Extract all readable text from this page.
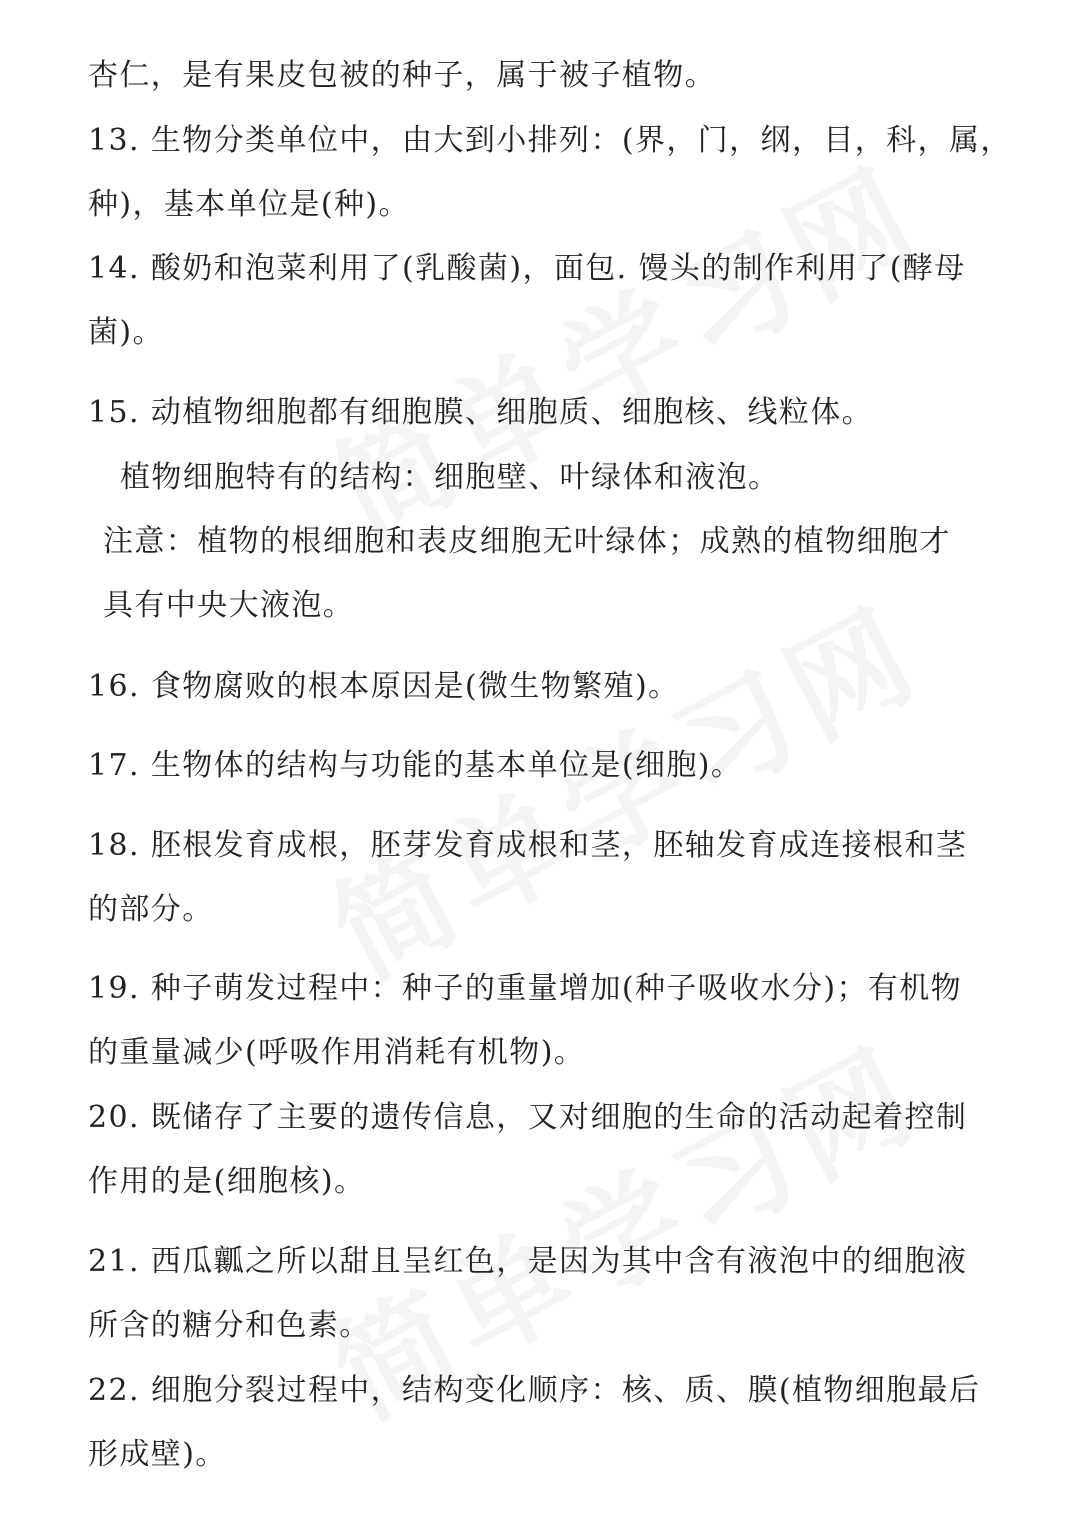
杏仁，是有果皮包被的种子，属于被子植物。
13. 生物分类单位中，由大到小排列：(界，门，纲，目，科，属，
种)，基本单位是(种)。
14. 酸奶和泡菜利用了(乳酸菌)，面包. 馒头的制作利用了(酵母
菌)。
15. 动植物细胞都有细胞膜、细胞质、细胞核、线粒体。
植物细胞特有的结构：细胞壁、叶绿体和液泡。
注意：植物的根细胞和表皮细胞无叶绿体；成熟的植物细胞才
具有中央大液泡。
16. 食物腐败的根本原因是(微生物繁殖)。
17. 生物体的结构与功能的基本单位是(细胞)。
18. 胚根发育成根，胚芽发育成根和茎，胚轴发育成连接根和茎
的部分。
19. 种子萌发过程中：种子的重量增加(种子吸收水分)；有机物
的重量减少(呼吸作用消耗有机物)。
20. 既储存了主要的遗传信息，又对细胞的生命的活动起着控制
作用的是(细胞核)。
21. 西瓜瓤之所以甜且呈红色，是因为其中含有液泡中的细胞液
所含的糖分和色素。
22. 细胞分裂过程中，结构变化顺序：核、质、膜(植物细胞最后
形成壁)。
